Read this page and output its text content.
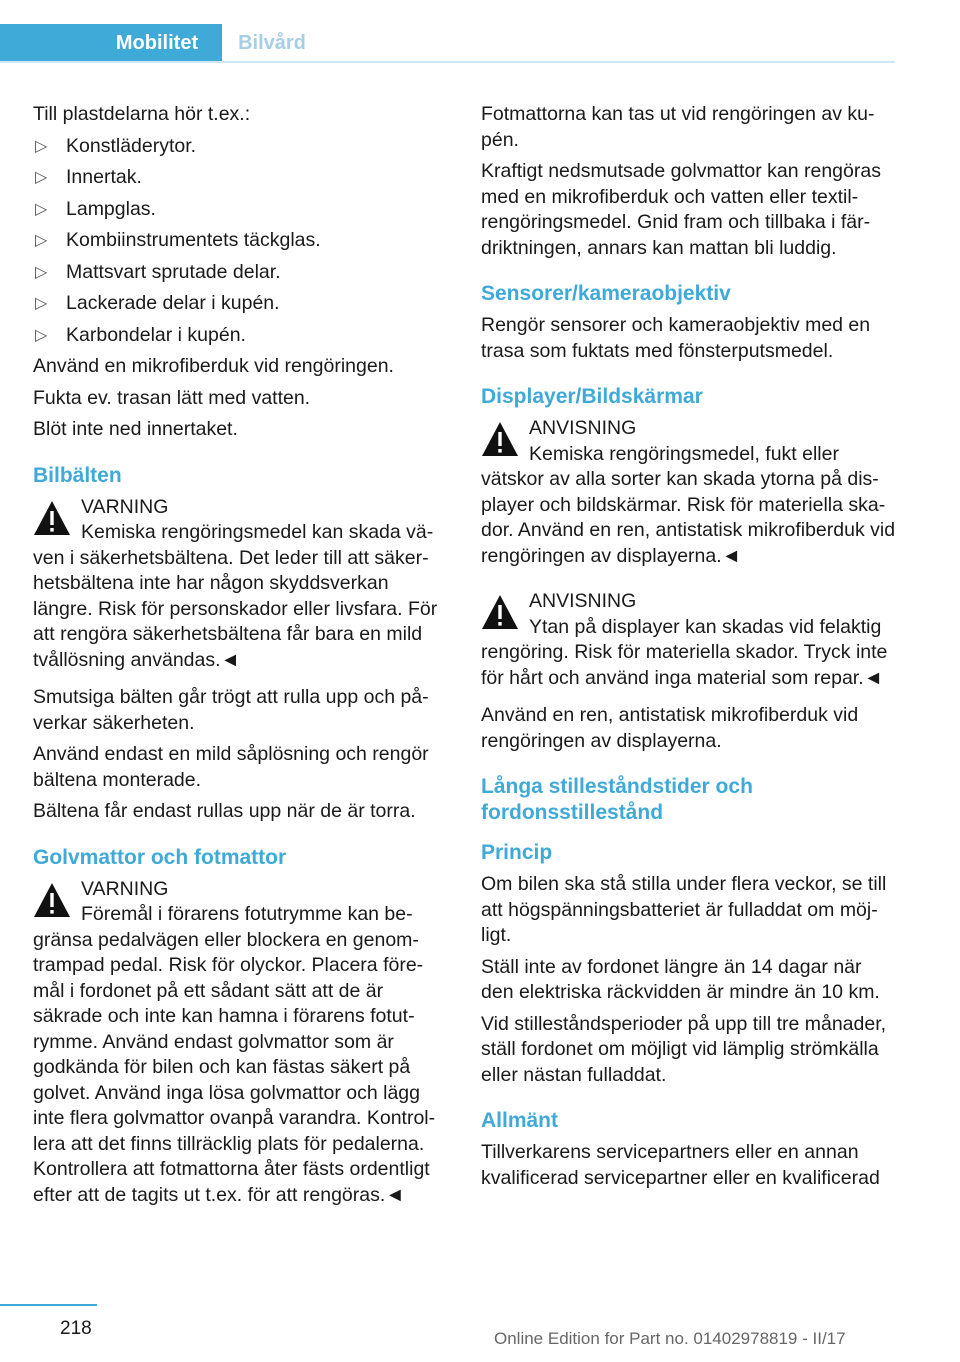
Mobilitet	Bilvård

Till plastdelarna hör t.ex.:

▷ Konstläderytor.
▷ Innertak.
▷ Lampglas.
▷ Kombiinstrumentets täckglas.
▷ Mattsvart sprutade delar.
▷ Lackerade delar i kupén.
▷ Karbondelar i kupén.

Använd en mikrofiberduk vid rengöringen.

Fukta ev. trasan lätt med vatten.

Blöt inte ned innertaket.

Bilbälten
VARNING
Kemiska rengöringsmedel kan skada väven i säkerhetsbältena. Det leder till att säkerhetsbältena inte har någon skyddsverkan längre. Risk för personskador eller livsfara. För att rengöra säkerhetsbältena får bara en mild tvållösning användas.◄

Smutsiga bälten går trögt att rulla upp och påverkar säkerheten.

Använd endast en mild såplösning och rengör bältena monterade.

Bältena får endast rullas upp när de är torra.

Golvmattor och fotmattor
VARNING
Föremål i förarens fotutrymme kan begränsa pedalvägen eller blockera en genomtrampad pedal. Risk för olyckor. Placera föremål i fordonet på ett sådant sätt att de är säkrade och inte kan hamna i förarens fotutrymme. Använd endast golvmattor som är godkända för bilen och kan fästas säkert på golvet. Använd inga lösa golvmattor och lägg inte flera golvmattor ovanpå varandra. Kontrollera att det finns tillräcklig plats för pedalerna. Kontrollera att fotmattorna åter fästs ordentligt efter att de tagits ut t.ex. för att rengöras.◄

Fotmattorna kan tas ut vid rengöringen av kupén.

Kraftigt nedsmutsade golvmattor kan rengöras med en mikrofiberduk och vatten eller textilrengöringsmedel. Gnid fram och tillbaka i färdriktningen, annars kan mattan bli luddig.

Sensorer/kameraobjektiv

Rengör sensorer och kameraobjektiv med en trasa som fuktats med fönsterputsmedel.

Displayer/Bildskärmar
ANVISNING
Kemiska rengöringsmedel, fukt eller vätskor av alla sorter kan skada ytorna på displayer och bildskärmar. Risk för materiella skador. Använd en ren, antistatisk mikrofiberduk vid rengöringen av displayerna.◄
ANVISNING
Ytan på displayer kan skadas vid felaktig rengöring. Risk för materiella skador. Tryck inte för hårt och använd inga material som repar.◄

Använd en ren, antistatisk mikrofiberduk vid rengöringen av displayerna.

Långa stilleståndstider och fordonsstillestånd
Princip

Om bilen ska stå stilla under flera veckor, se till att högspänningsbatteriet är fulladdat om möjligt.

Ställ inte av fordonet längre än 14 dagar när den elektriska räckvidden är mindre än 10 km.

Vid stilleståndsperioder på upp till tre månader, ställ fordonet om möjligt vid lämplig strömkälla eller nästan fulladdat.

Allmänt

Tillverkarens servicepartners eller en annan kvalificerad servicepartner eller en kvalificerad

218	Online Edition for Part no. 01402978819 - II/17
